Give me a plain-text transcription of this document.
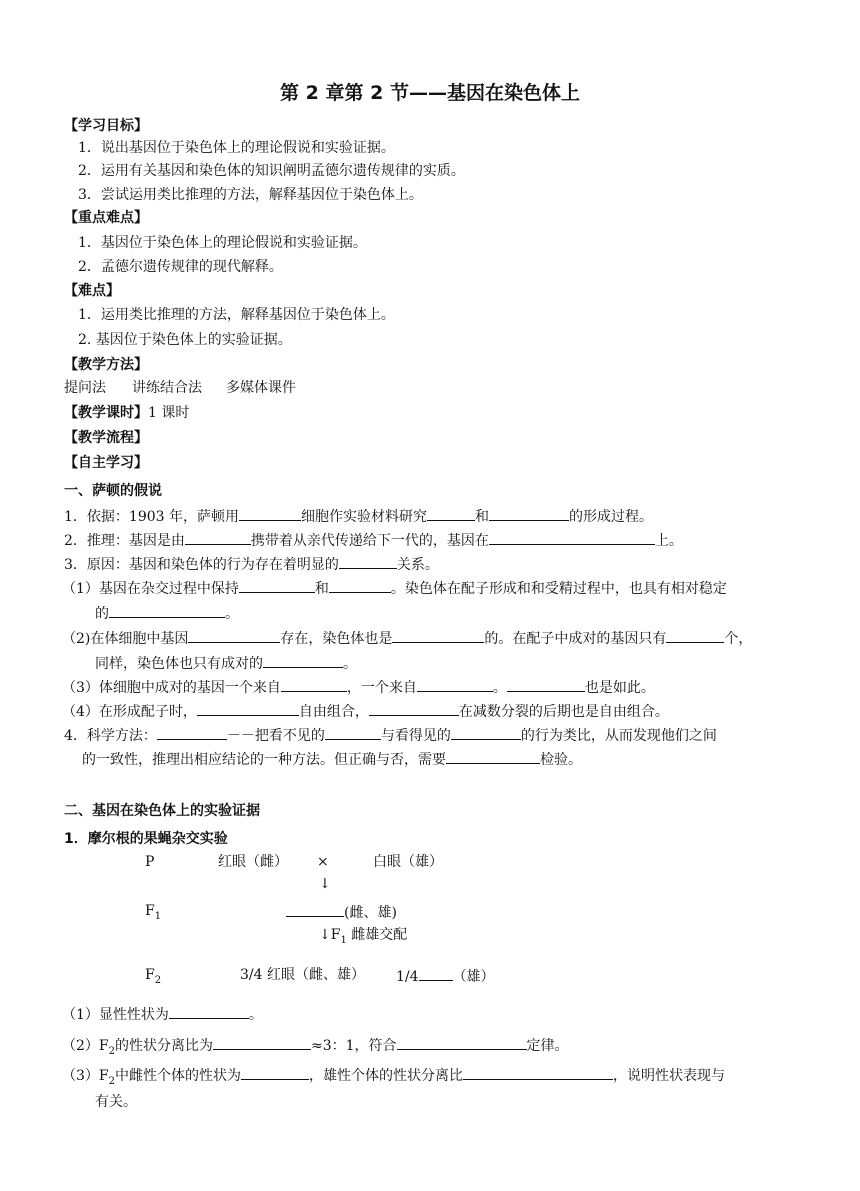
第 2 章第 2 节——基因在染色体上
【学习目标】
1．说出基因位于染色体上的理论假说和实验证据。
2．运用有关基因和染色体的知识阐明孟德尔遗传规律的实质。
3．尝试运用类比推理的方法，解释基因位于染色体上。
【重点难点】
1．基因位于染色体上的理论假说和实验证据。
2．孟德尔遗传规律的现代解释。
【难点】
1．运用类比推理的方法，解释基因位于染色体上。
2. 基因位于染色体上的实验证据。
【教学方法】
提问法 讲练结合法 多媒体课件
【教学课时】1 课时
【教学流程】
【自主学习】
一、萨顿的假说
1．依据：1903 年，萨顿用	细胞作实验材料研究	和	的形成过程。
2．推理：基因是由	携带着从亲代传递给下一代的，基因在	上。
3．原因：基因和染色体的行为存在着明显的	关系。
（1）基因在杂交过程中保持	和	。染色体在配子形成和和受精过程中，也具有相对稳定
的	。
（2)在体细胞中基因	存在，染色体也是	的。在配子中成对的基因只有	个，
同样，染色体也只有成对的	。
（3）体细胞中成对的基因一个来自	，一个来自	。	也是如此。
（4）在形成配子时，	自由组合，	在减数分裂的后期也是自由组合。
4．科学方法：	－－把看不见的	与看得见的	的行为类比，从而发现他们之间
的一致性，推理出相应结论的一种方法。但正确与否，需要	检验。
二、基因在染色体上的实验证据
1．摩尔根的果蝇杂交实验
P	红眼（雌） ×	白眼（雄）
↓
$F_1$	(雌、雄)
$↓F_1$ 雌雄交配
$F_2$	3/4 红眼（雌、雄） 1/4 （雄）
（1）显性性状为	。
$(2)F_2$的性状分离比为	≈3：1，符合	定律。
$(3)F_2$中雌性个体的性状为	，雄性个体的性状分离比	，说明性状表现与
有关。
